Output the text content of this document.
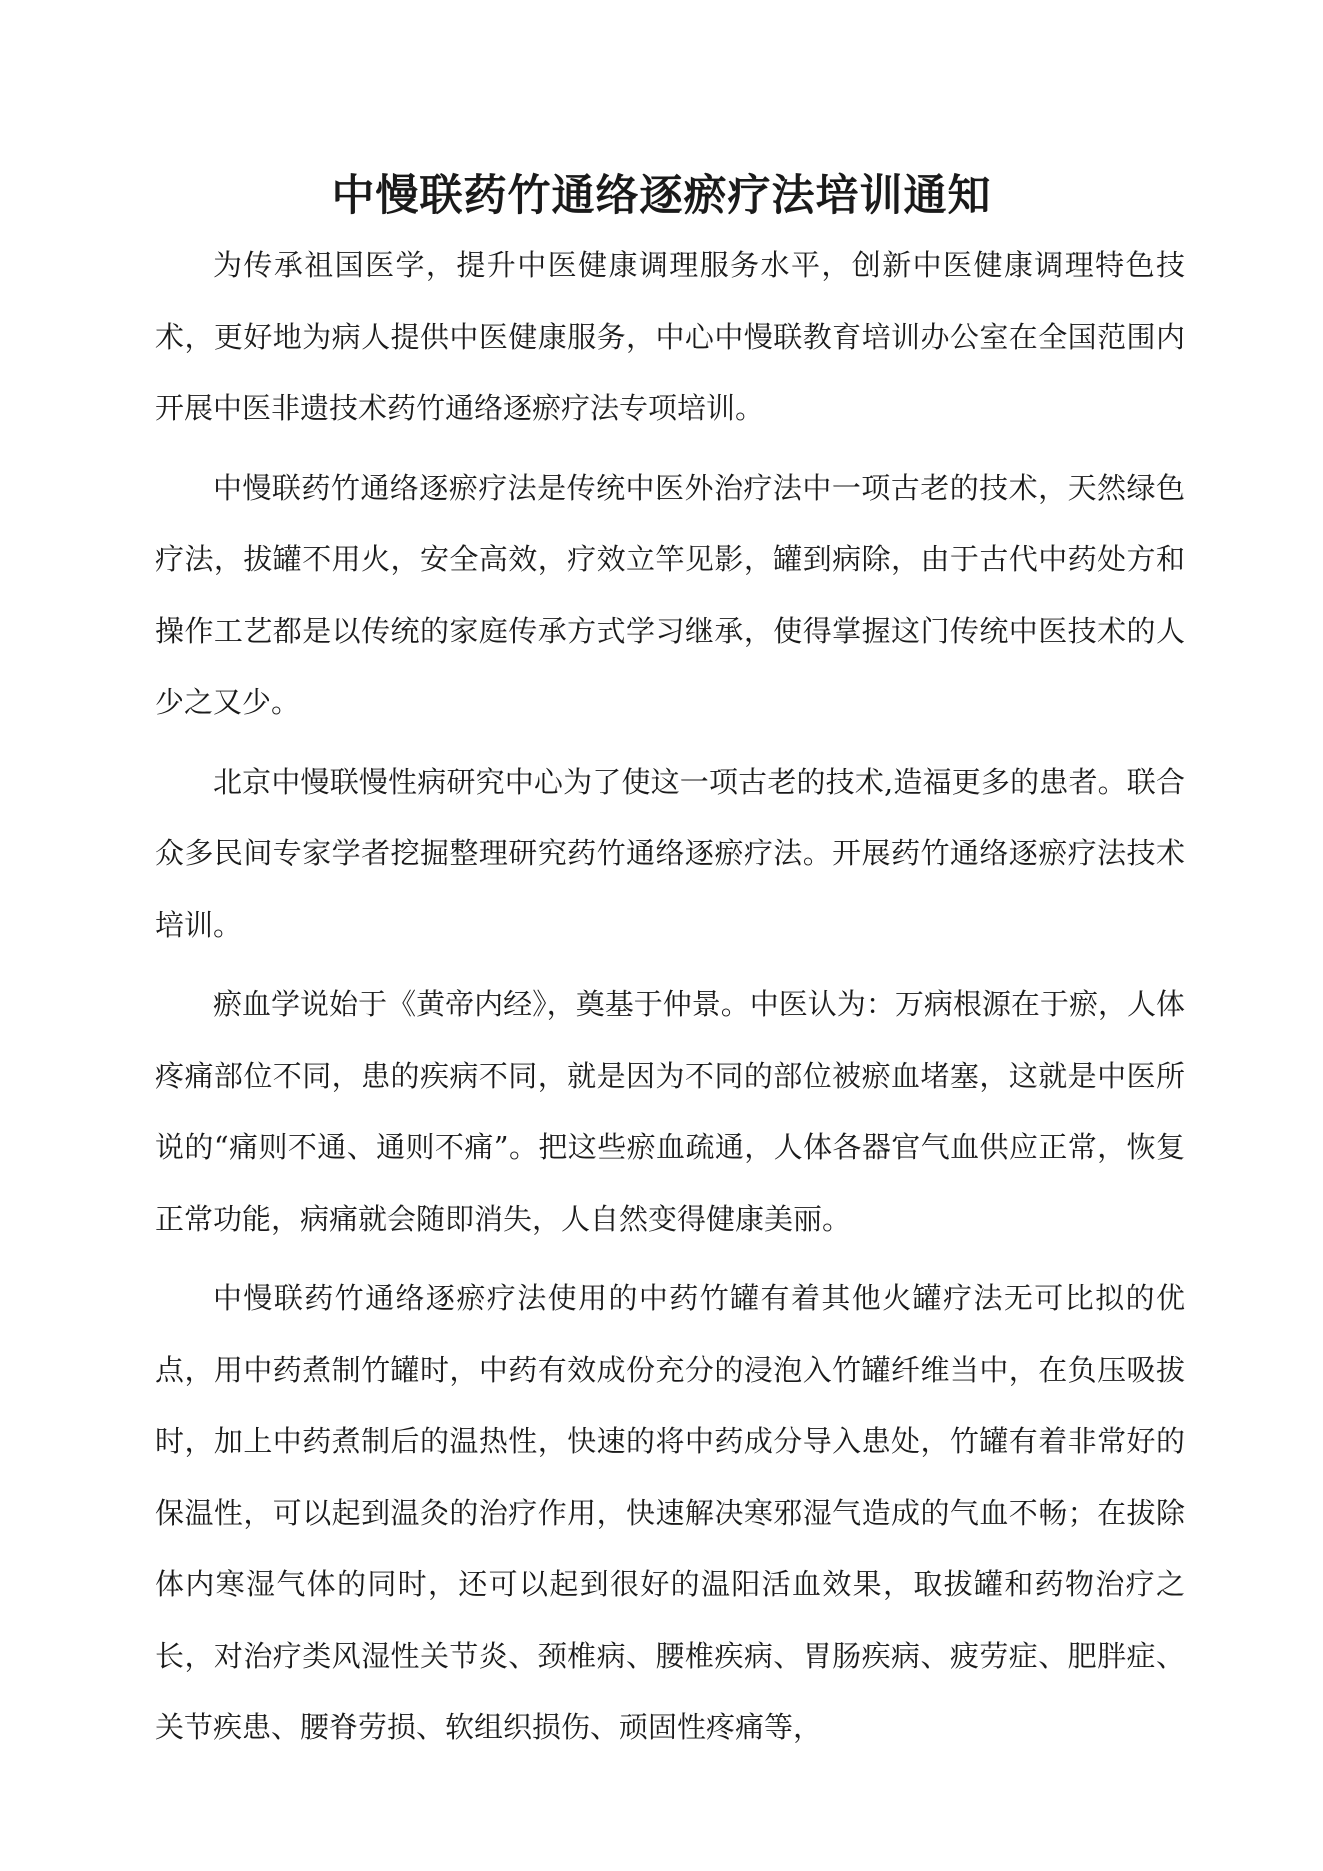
中慢联药竹通络逐瘀疗法培训通知

为传承祖国医学，提升中医健康调理服务水平，创新中医健康调理特色技术，更好地为病人提供中医健康服务，中心中慢联教育培训办公室在全国范围内开展中医非遗技术药竹通络逐瘀疗法专项培训。

中慢联药竹通络逐瘀疗法是传统中医外治疗法中一项古老的技术，天然绿色疗法，拔罐不用火，安全高效，疗效立竿见影，罐到病除，由于古代中药处方和操作工艺都是以传统的家庭传承方式学习继承，使得掌握这门传统中医技术的人少之又少。

北京中慢联慢性病研究中心为了使这一项古老的技术,造福更多的患者。联合众多民间专家学者挖掘整理研究药竹通络逐瘀疗法。开展药竹通络逐瘀疗法技术培训。

瘀血学说始于《黄帝内经》，奠基于仲景。中医认为：万病根源在于瘀，人体疼痛部位不同，患的疾病不同，就是因为不同的部位被瘀血堵塞，这就是中医所说的“痛则不通、通则不痛”。把这些瘀血疏通，人体各器官气血供应正常，恢复正常功能，病痛就会随即消失，人自然变得健康美丽。

中慢联药竹通络逐瘀疗法使用的中药竹罐有着其他火罐疗法无可比拟的优点，用中药煮制竹罐时，中药有效成份充分的浸泡入竹罐纤维当中，在负压吸拔时，加上中药煮制后的温热性，快速的将中药成分导入患处，竹罐有着非常好的保温性，可以起到温灸的治疗作用，快速解决寒邪湿气造成的气血不畅；在拔除体内寒湿气体的同时，还可以起到很好的温阳活血效果，取拔罐和药物治疗之长，对治疗类风湿性关节炎、颈椎病、腰椎疾病、胃肠疾病、疲劳症、肥胖症、关节疾患、腰脊劳损、软组织损伤、顽固性疼痛等，
